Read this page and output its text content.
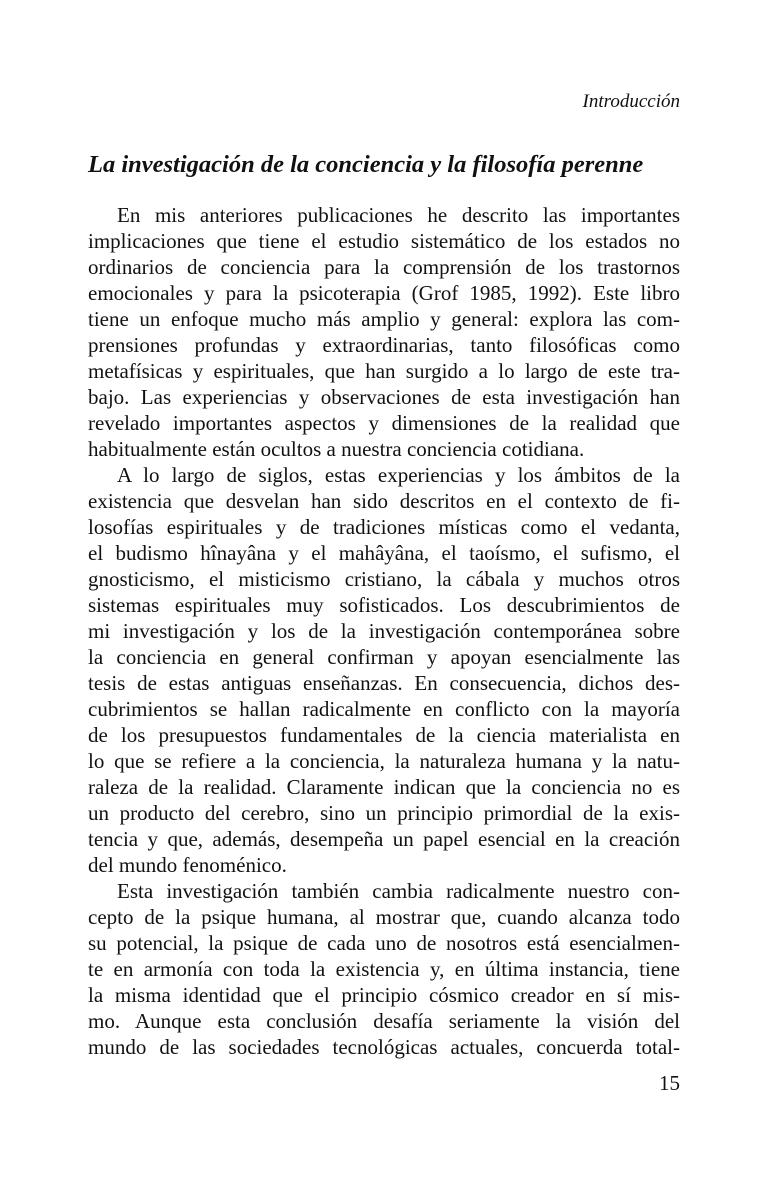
Introducción
La investigación de la conciencia y la filosofía perenne
En mis anteriores publicaciones he descrito las importantes
implicaciones que tiene el estudio sistemático de los estados no
ordinarios de conciencia para la comprensión de los trastornos
emocionales y para la psicoterapia (Grof 1985, 1992). Este libro
tiene un enfoque mucho más amplio y general: explora las com-
prensiones profundas y extraordinarias, tanto filosóficas como
metafísicas y espirituales, que han surgido a lo largo de este tra-
bajo. Las experiencias y observaciones de esta investigación han
revelado importantes aspectos y dimensiones de la realidad que
habitualmente están ocultos a nuestra conciencia cotidiana.
A lo largo de siglos, estas experiencias y los ámbitos de la
existencia que desvelan han sido descritos en el contexto de fi-
losofías espirituales y de tradiciones místicas como el vedanta,
el budismo hînayâna y el mahâyâna, el taoísmo, el sufismo, el
gnosticismo, el misticismo cristiano, la cábala y muchos otros
sistemas espirituales muy sofisticados. Los descubrimientos de
mi investigación y los de la investigación contemporánea sobre
la conciencia en general confirman y apoyan esencialmente las
tesis de estas antiguas enseñanzas. En consecuencia, dichos des-
cubrimientos se hallan radicalmente en conflicto con la mayoría
de los presupuestos fundamentales de la ciencia materialista en
lo que se refiere a la conciencia, la naturaleza humana y la natu-
raleza de la realidad. Claramente indican que la conciencia no es
un producto del cerebro, sino un principio primordial de la exis-
tencia y que, además, desempeña un papel esencial en la creación
del mundo fenoménico.
Esta investigación también cambia radicalmente nuestro con-
cepto de la psique humana, al mostrar que, cuando alcanza todo
su potencial, la psique de cada uno de nosotros está esencialmen-
te en armonía con toda la existencia y, en última instancia, tiene
la misma identidad que el principio cósmico creador en sí mis-
mo. Aunque esta conclusión desafía seriamente la visión del
mundo de las sociedades tecnológicas actuales, concuerda total-
15
